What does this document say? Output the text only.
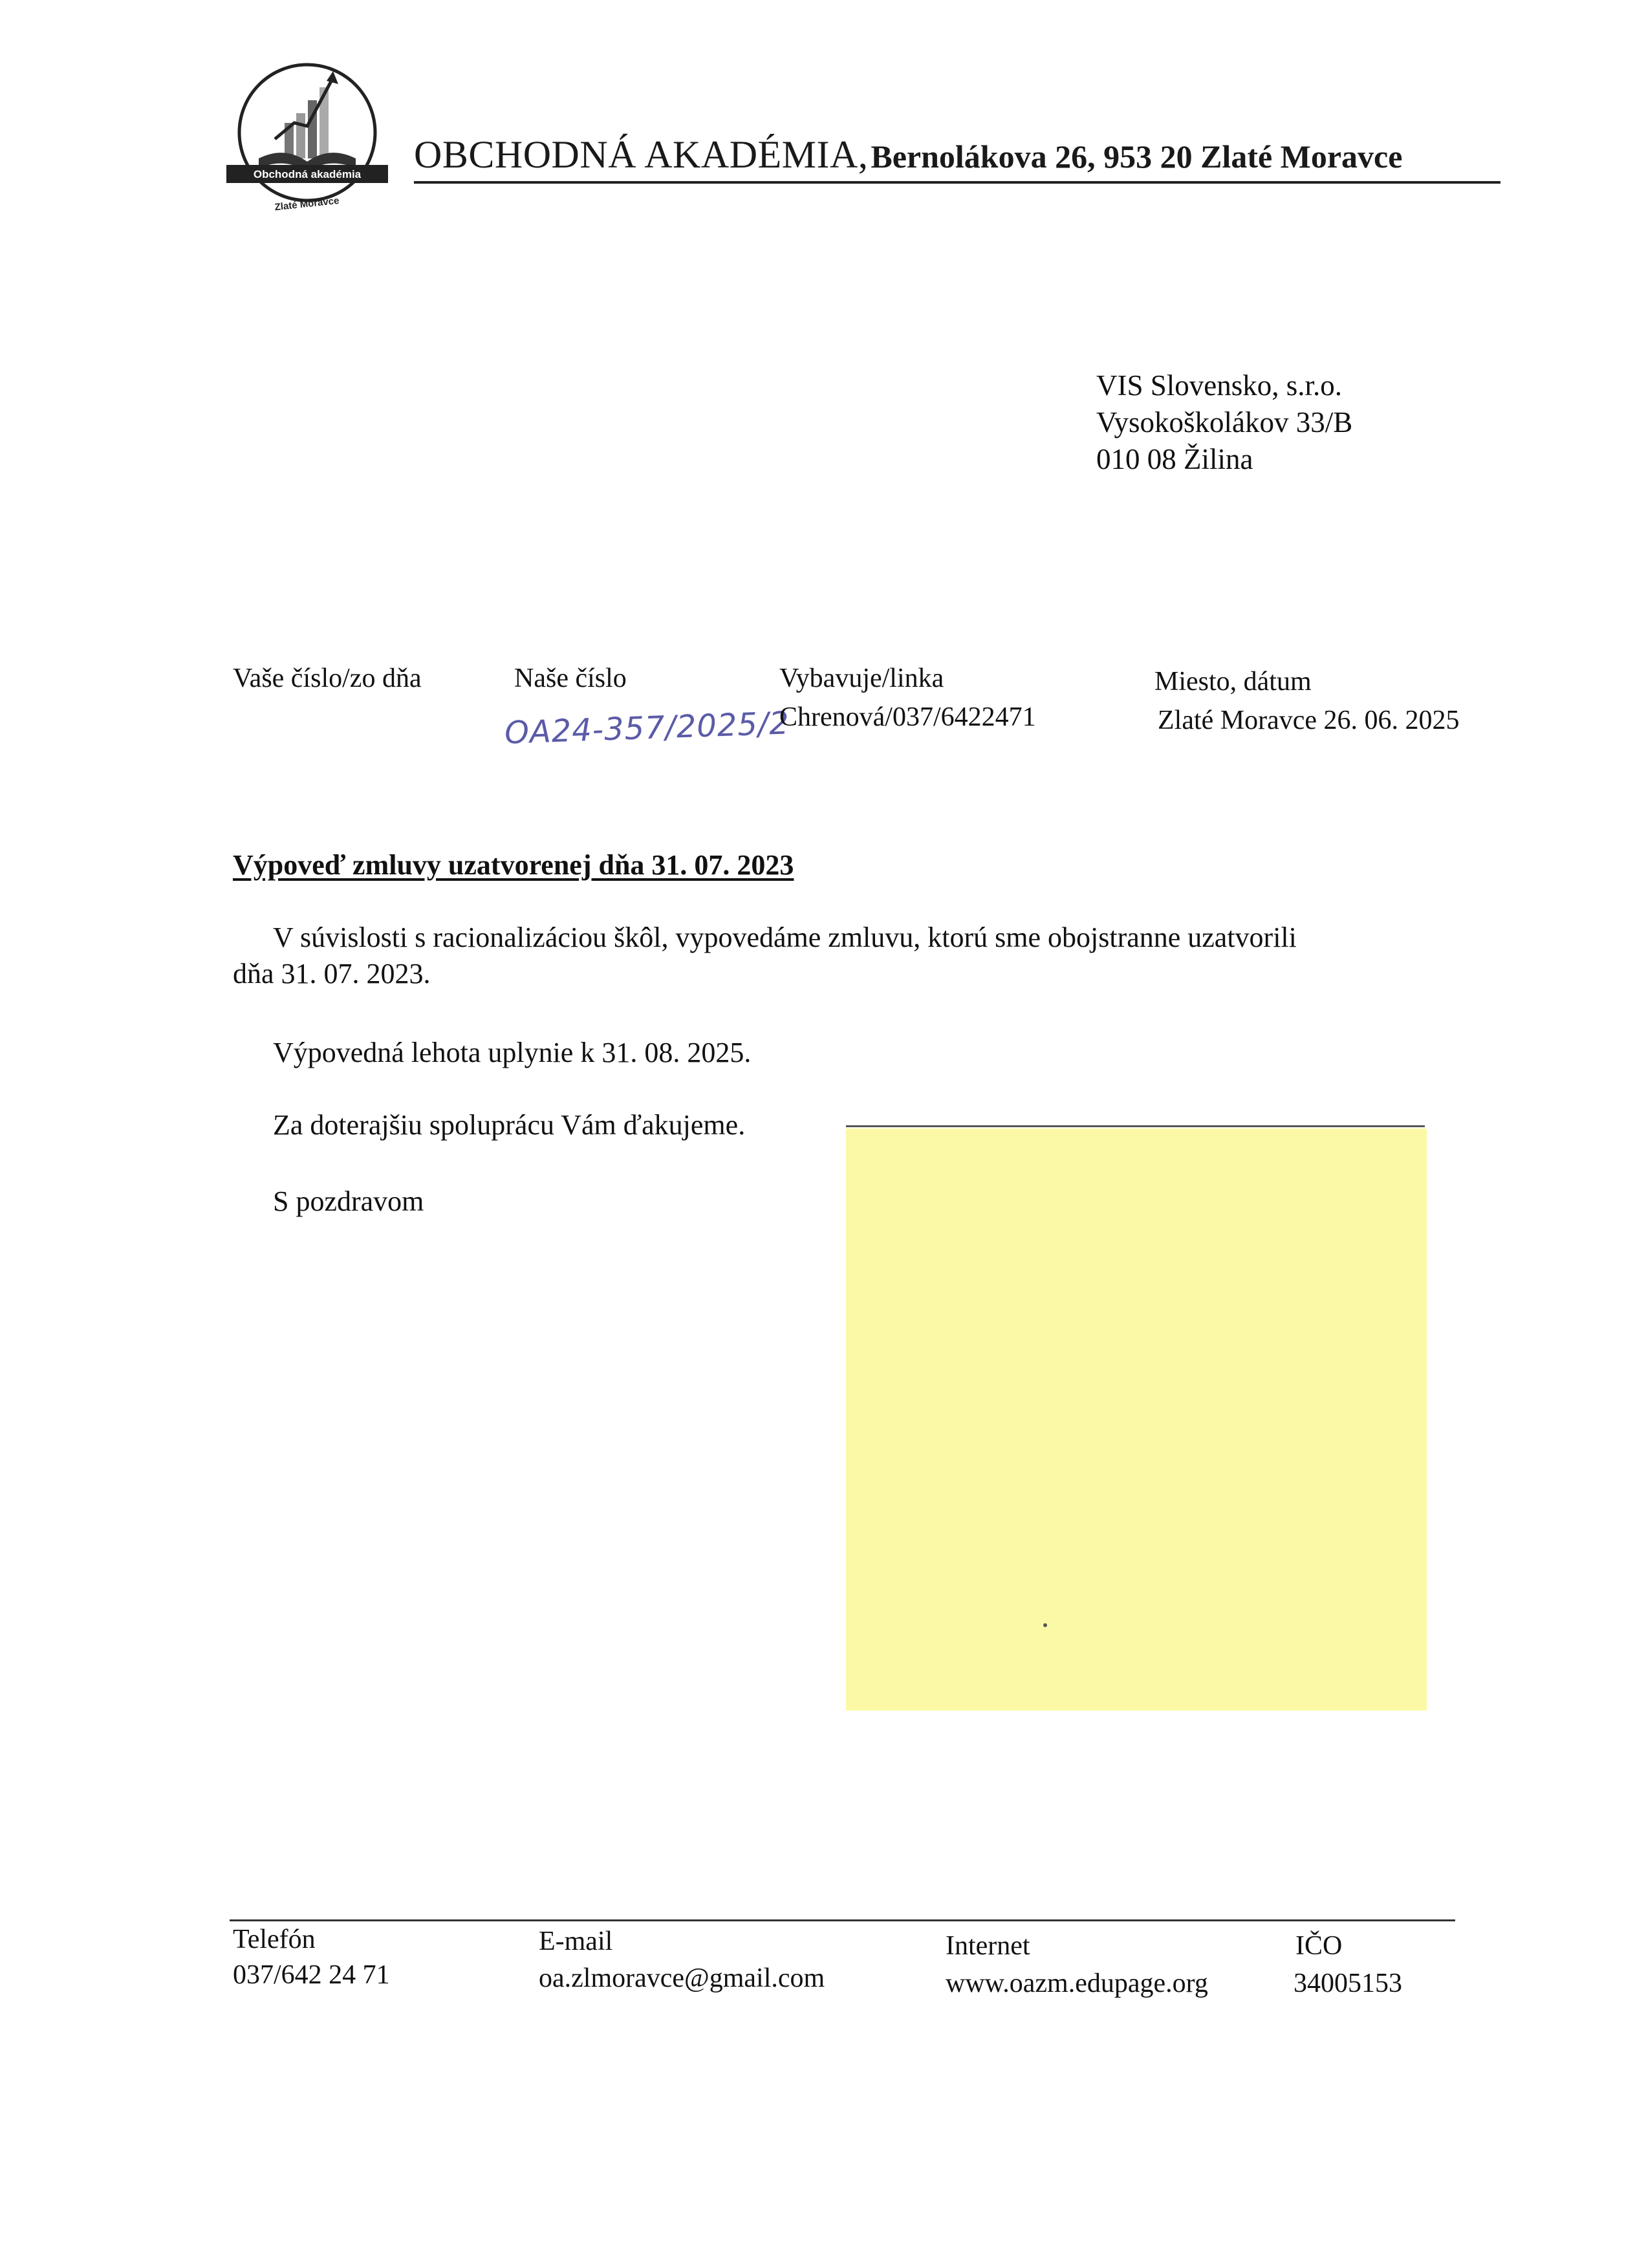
Obchodná akadémia
Zlaté Moravce
OBCHODNÁ AKADÉMIA, Bernolákova 26, 953 20 Zlaté Moravce
VIS Slovensko, s.r.o.
Vysokoškolákov 33/B
010 08 Žilina
Vaše číslo/zo dňa	Naše číslo
OA24-357/2025/2
Vybavuje/linka
Chrenová/037/6422471
Miesto, dátum
Zlaté Moravce 26. 06. 2025
Výpoveď zmluvy uzatvorenej dňa 31. 07. 2023
V súvislosti s racionalizáciou škôl, vypovedáme zmluvu, ktorú sme obojstranne uzatvorili
dňa 31. 07. 2023.
Výpovedná lehota uplynie k 31. 08. 2025.
Za doterajšiu spoluprácu Vám ďakujeme.
S pozdravom
Telefón
037/642 24 71
E-mail
oa.zlmoravce@gmail.com
Internet
www.oazm.edupage.org
IČO
34005153
